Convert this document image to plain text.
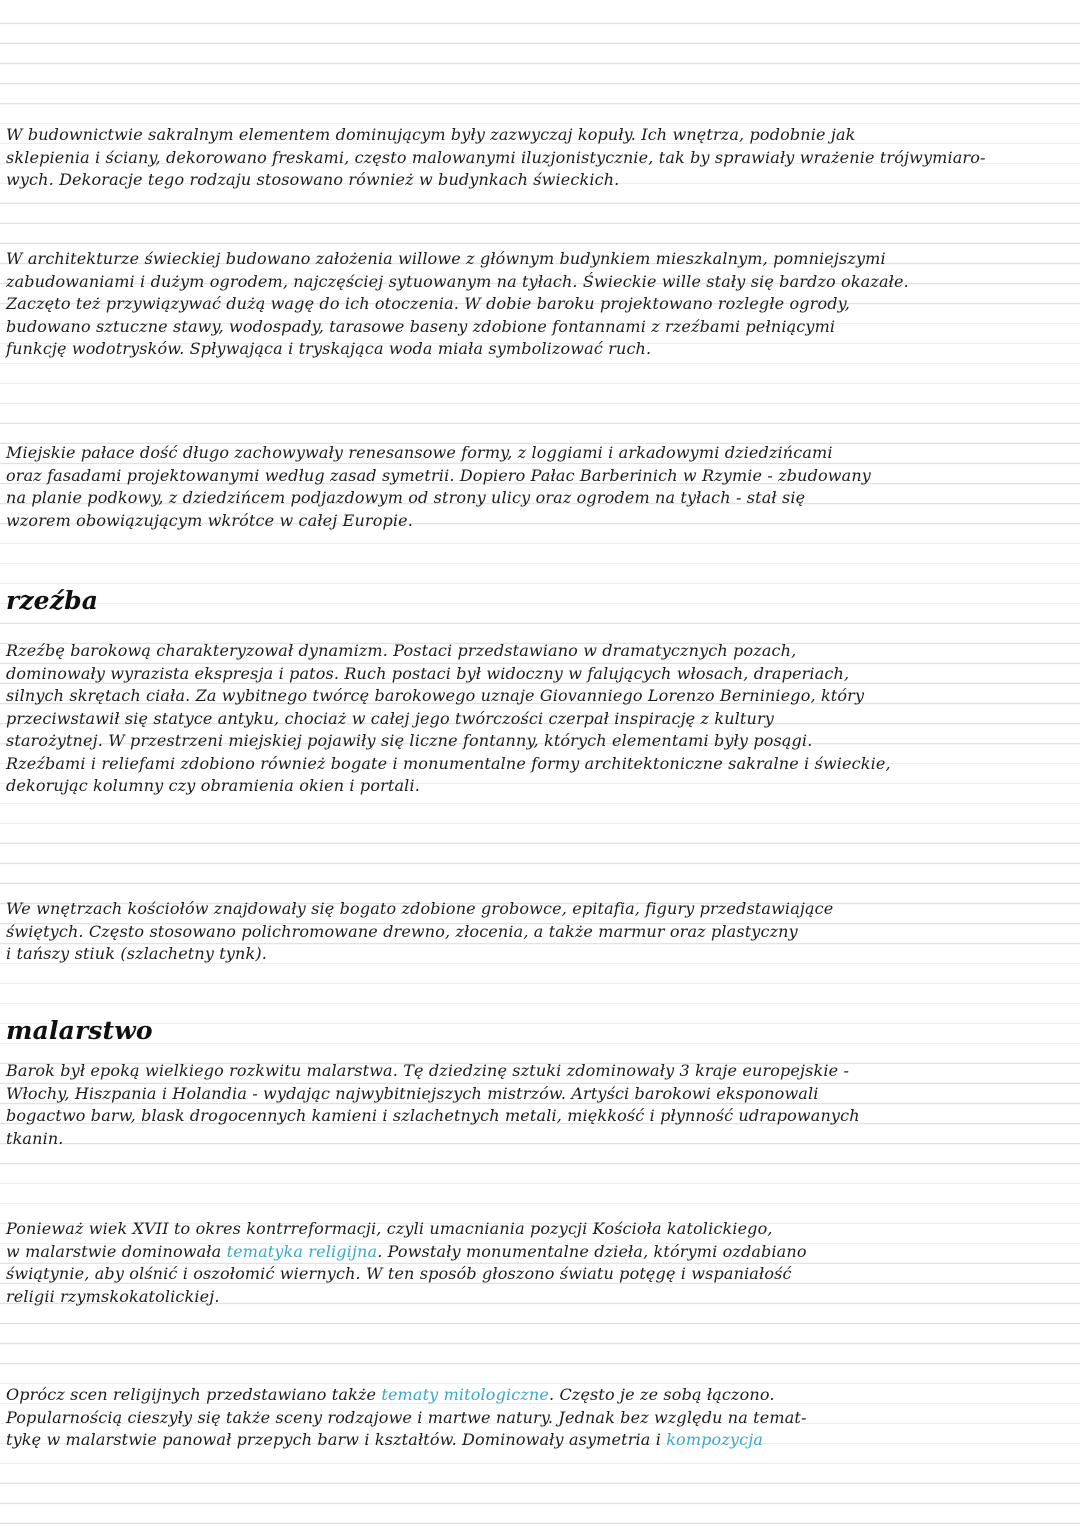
W budownictwie sakralnym elementem dominującym były zazwyczaj kopuły. Ich wnętrza, podobnie jak
sklepienia i ściany, dekorowano freskami, często malowanymi iluzjonistycznie, tak by sprawiały wrażenie trójwymiaro-
wych. Dekoracje tego rodzaju stosowano również w budynkach świeckich.
W architekturze świeckiej budowano założenia willowe z głównym budynkiem mieszkalnym, pomniejszymi
zabudowaniami i dużym ogrodem, najczęściej sytuowanym na tyłach. Świeckie wille stały się bardzo okazałe.
Zaczęto też przywiązywać dużą wagę do ich otoczenia. W dobie baroku projektowano rozległe ogrody,
budowano sztuczne stawy, wodospady, tarasowe baseny zdobione fontannami z rzeźbami pełniącymi
funkcję wodotrysków. Spływająca i tryskająca woda miała symbolizować ruch.
Miejskie pałace dość długo zachowywały renesansowe formy, z loggiami i arkadowymi dziedzińcami
oraz fasadami projektowanymi według zasad symetrii. Dopiero Pałac Barberinich w Rzymie - zbudowany
na planie podkowy, z dziedzińcem podjazdowym od strony ulicy oraz ogrodem na tyłach - stał się
wzorem obowiązującym wkrótce w całej Europie.
rzeźba
Rzeźbę barokową charakteryzował dynamizm. Postaci przedstawiano w dramatycznych pozach,
dominowały wyrazista ekspresja i patos. Ruch postaci był widoczny w falujących włosach, draperiach,
silnych skrętach ciała. Za wybitnego twórcę barokowego uznaje Giovanniego Lorenzo Berniniego, który
przeciwstawił się statyce antyku, chociaż w całej jego twórczości czerpał inspirację z kultury
starożytnej. W przestrzeni miejskiej pojawiły się liczne fontanny, których elementami były posągi.
Rzeźbami i reliefami zdobiono również bogate i monumentalne formy architektoniczne sakralne i świeckie,
dekorując kolumny czy obramienia okien i portali.
We wnętrzach kościołów znajdowały się bogato zdobione grobowce, epitafia, figury przedstawiające
świętych. Często stosowano polichromowane drewno, złocenia, a także marmur oraz plastyczny
i tańszy stiuk (szlachetny tynk).
malarstwo
Barok był epoką wielkiego rozkwitu malarstwa. Tę dziedzinę sztuki zdominowały 3 kraje europejskie -
Włochy, Hiszpania i Holandia - wydając najwybitniejszych mistrzów. Artyści barokowi eksponowali
bogactwo barw, blask drogocennych kamieni i szlachetnych metali, miękkość i płynność udrapowanych
tkanin.
Ponieważ wiek XVII to okres kontrreformacji, czyli umacniania pozycji Kościoła katolickiego,
w malarstwie dominowała tematyka religijna. Powstały monumentalne dzieła, którymi ozdabiano
świątynie, aby olśnić i oszołomić wiernych. W ten sposób głoszono światu potęgę i wspaniałość
religii rzymskokatolickiej.
Oprócz scen religijnych przedstawiano także tematy mitologiczne. Często je ze sobą łączono.
Popularnością cieszyły się także sceny rodzajowe i martwe natury. Jednak bez względu na temat-
tykę w malarstwie panował przepych barw i kształtów. Dominowały asymetria i kompozycja
